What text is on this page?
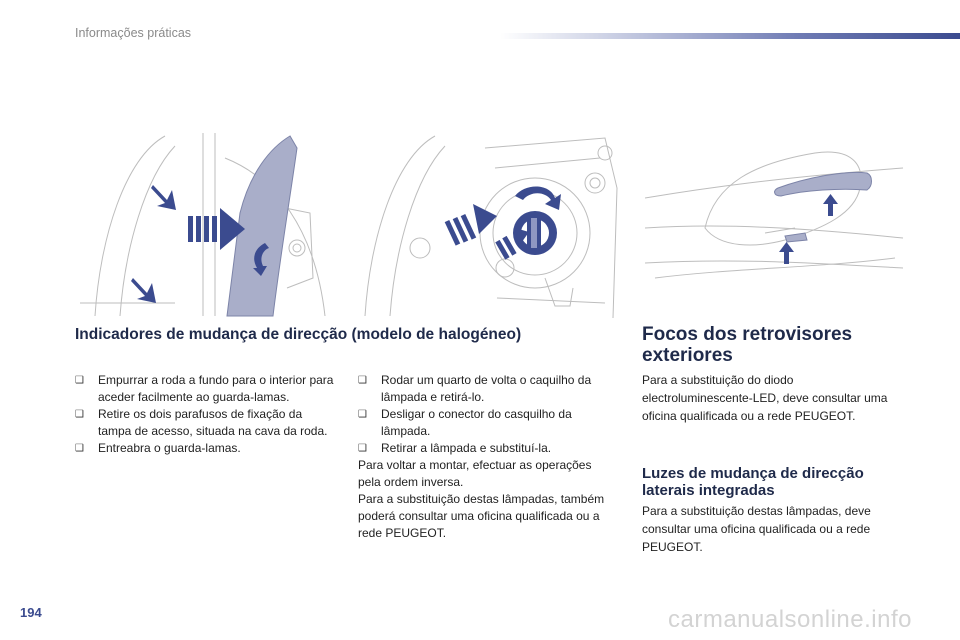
Informações práticas
Indicadores de mudança de direcção (modelo de halogéneo)
❑ Empurrar a roda a fundo para o interior para aceder facilmente ao guarda-lamas.
❑ Retire os dois parafusos de fixação da tampa de acesso, situada na cava da roda.
❑ Entreabra o guarda-lamas.
❑ Rodar um quarto de volta o caquilho da lâmpada e retirá-lo.
❑ Desligar o conector do casquilho da lâmpada.
❑ Retirar a lâmpada e substituí-la.

Para voltar a montar, efectuar as operações pela ordem inversa.

Para a substituição destas lâmpadas, também poderá consultar uma oficina qualificada ou a rede PEUGEOT.

Focos dos retrovisores exteriores
Para a substituição do diodo electroluminescente-LED, deve consultar uma oficina qualificada ou a rede PEUGEOT.
Luzes de mudança de direcção laterais integradas
Para a substituição destas lâmpadas, deve consultar uma oficina qualificada ou a rede PEUGEOT.
194	carmanualsonline.info
